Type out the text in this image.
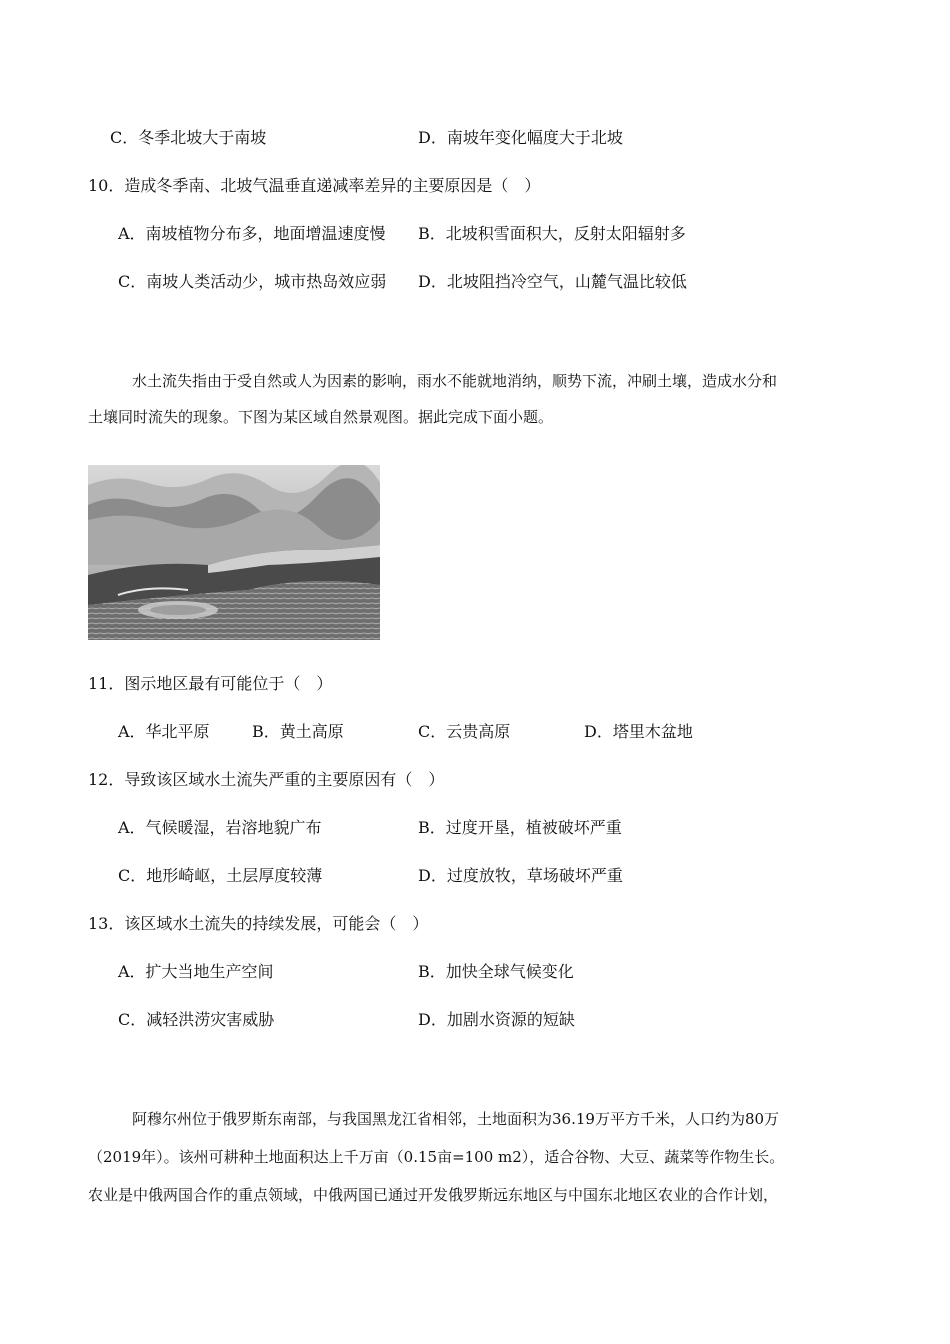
C．冬季北坡大于南坡	D．南坡年变化幅度大于北坡
10．造成冬季南、北坡气温垂直递减率差异的主要原因是（　）
A．南坡植物分布多，地面增温速度慢 B．北坡积雪面积大，反射太阳辐射多
C．南坡人类活动少，城市热岛效应弱 D．北坡阻挡冷空气，山麓气温比较低
水土流失指由于受自然或人为因素的影响，雨水不能就地消纳，顺势下流，冲刷土壤，造成水分和
土壤同时流失的现象。下图为某区域自然景观图。据此完成下面小题。
11．图示地区最有可能位于（　）
A．华北平原	B．黄土高原	C．云贵高原	D．塔里木盆地
12．导致该区域水土流失严重的主要原因有（　）
A．气候暖湿，岩溶地貌广布	B．过度开垦，植被破坏严重
C．地形崎岖，土层厚度较薄	D．过度放牧，草场破坏严重
13．该区域水土流失的持续发展，可能会（　）
A．扩大当地生产空间	B．加快全球气候变化
C．减轻洪涝灾害威胁	D．加剧水资源的短缺
阿穆尔州位于俄罗斯东南部，与我国黑龙江省相邻，土地面积为36.19万平方千米，人口约为80万
（2019年）。该州可耕种土地面积达上千万亩（0.15亩=100 m2），适合谷物、大豆、蔬菜等作物生长。
农业是中俄两国合作的重点领域，中俄两国已通过开发俄罗斯远东地区与中国东北地区农业的合作计划，
